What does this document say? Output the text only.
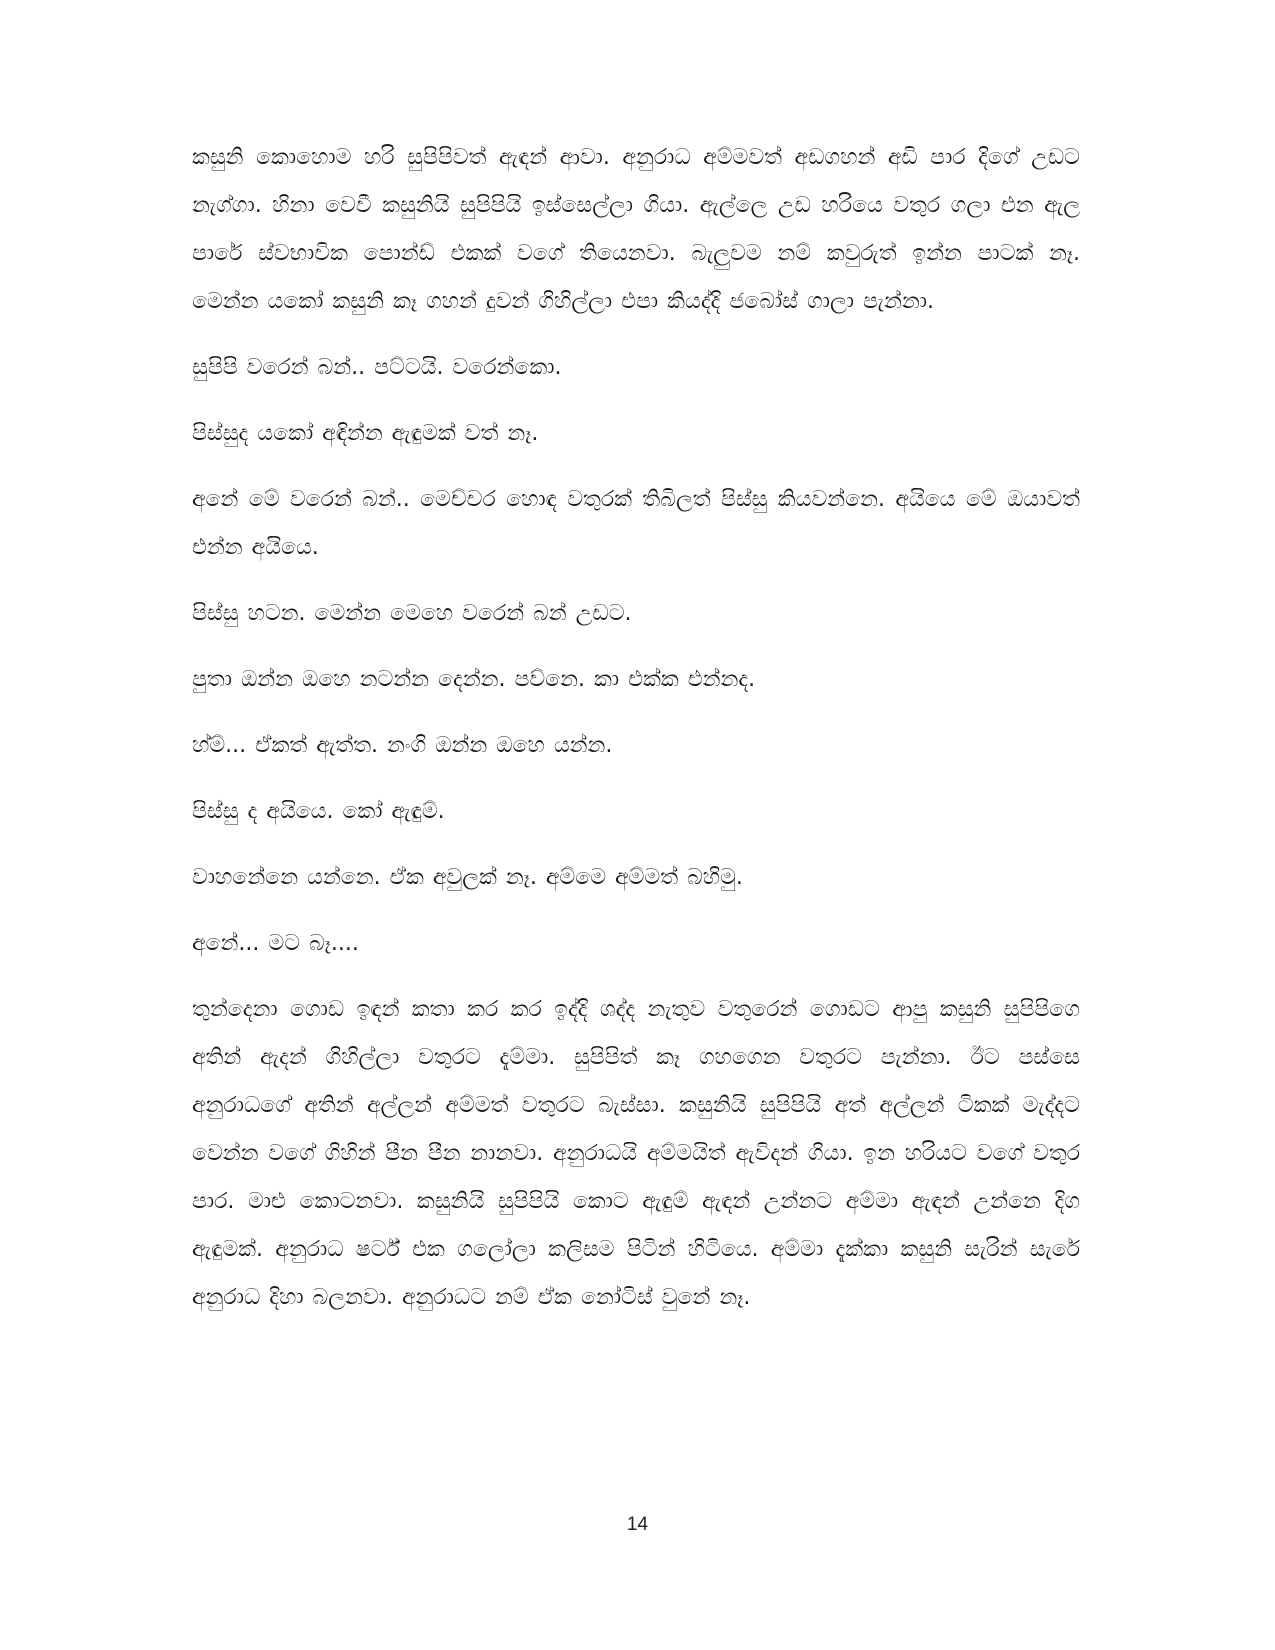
කසුනි කොහොම හරි සුපිපිවත් ඇඳන් ආවා. අනුරාධ අම්මවත් අඩගහන් අඩි පාර දිගේ උඩට නැග්ගා. හිනා වෙවී කසුනියි සුපිපියි ඉස්සෙල්ලා ගියා. ඇල්ලෙ උඩ හරියෙ වතුර ගලා එන ඇල පාරේ ස්වභාවික පොන්ඩ් එකක් වගේ තියෙනවා. බැලුවම නම් කවුරුත් ඉන්න පාටක් නෑ. මෙන්න යකෝ කසුනි කෑ ගහන් දුවන් ගිහිල්ලා එපා කියද්දි ජබෝස් ගාලා පැන්නා.

සුපිපි වරෙන් බන්.. පට්ටයි. වරෙන්කො.

පිස්සුද යකෝ අඳින්න ඇඳුමක් වත් නෑ.

අනේ මේ වරෙන් බන්.. මෙච්චර හොඳ වතුරක් තිබිලත් පිස්සු කියවන්නෙ. අයියෙ මේ ඔයාවත් එන්න අයියෙ.

පිස්සු හටන. මෙන්න මෙහෙ වරෙන් බන් උඩට.

පුතා ඔන්න ඔහෙ නටන්න දෙන්න. පව්නෙ. කා එක්ක එන්නද.

හ්ම්... ඒකත් ඇත්ත. නංගි ඔන්න ඔහෙ යන්න.

පිස්සු ද අයියෙ. කෝ ඇඳුම්.

වාහනේනෙ යන්නෙ. ඒක අවුලක් නෑ. අම්මෙ අම්මත් බහිමු.

අනේ... මට බෑ....

තුන්දෙනා ගොඩ ඉඳන් කතා කර කර ඉද්දි ශද්ද නැතුව වතුරෙන් ගොඩට ආපු කසුනි සුපිපිගෙ අතින් ඇදන් ගිහිල්ලා වතුරට දැම්මා. සුපිපිත් කෑ ගහගෙන වතුරට පැන්නා. ඊට පස්සෙ අනුරාධගේ අතින් අල්ලන් අම්මත් වතුරට බැස්සා. කසුනියි සුපිපියි අත් අල්ලන් ටිකක් මැද්දට වෙන්න වගේ ගිහින් පීන පීන නානවා. අනුරාධයි අම්මයිත් ඇවිදන් ගියා. ඉන හරියට වගේ වතුර පාර. මාළු කොටනවා. කසුනියි සුපිපියි කොට ඇඳුම් ඇඳන් උන්නට අම්මා ඇඳන් උන්නෙ දිග ඇඳුමක්. අනුරාධ ෂර්ට් එක ගලෝලා කලිසම පිටින් හිටියෙ. අම්මා දැක්කා කසුනි සැරින් සැරේ අනුරාධ දිහා බලනවා. අනුරාධට නම් ඒක නෝටිස් වුනේ නෑ.

14
